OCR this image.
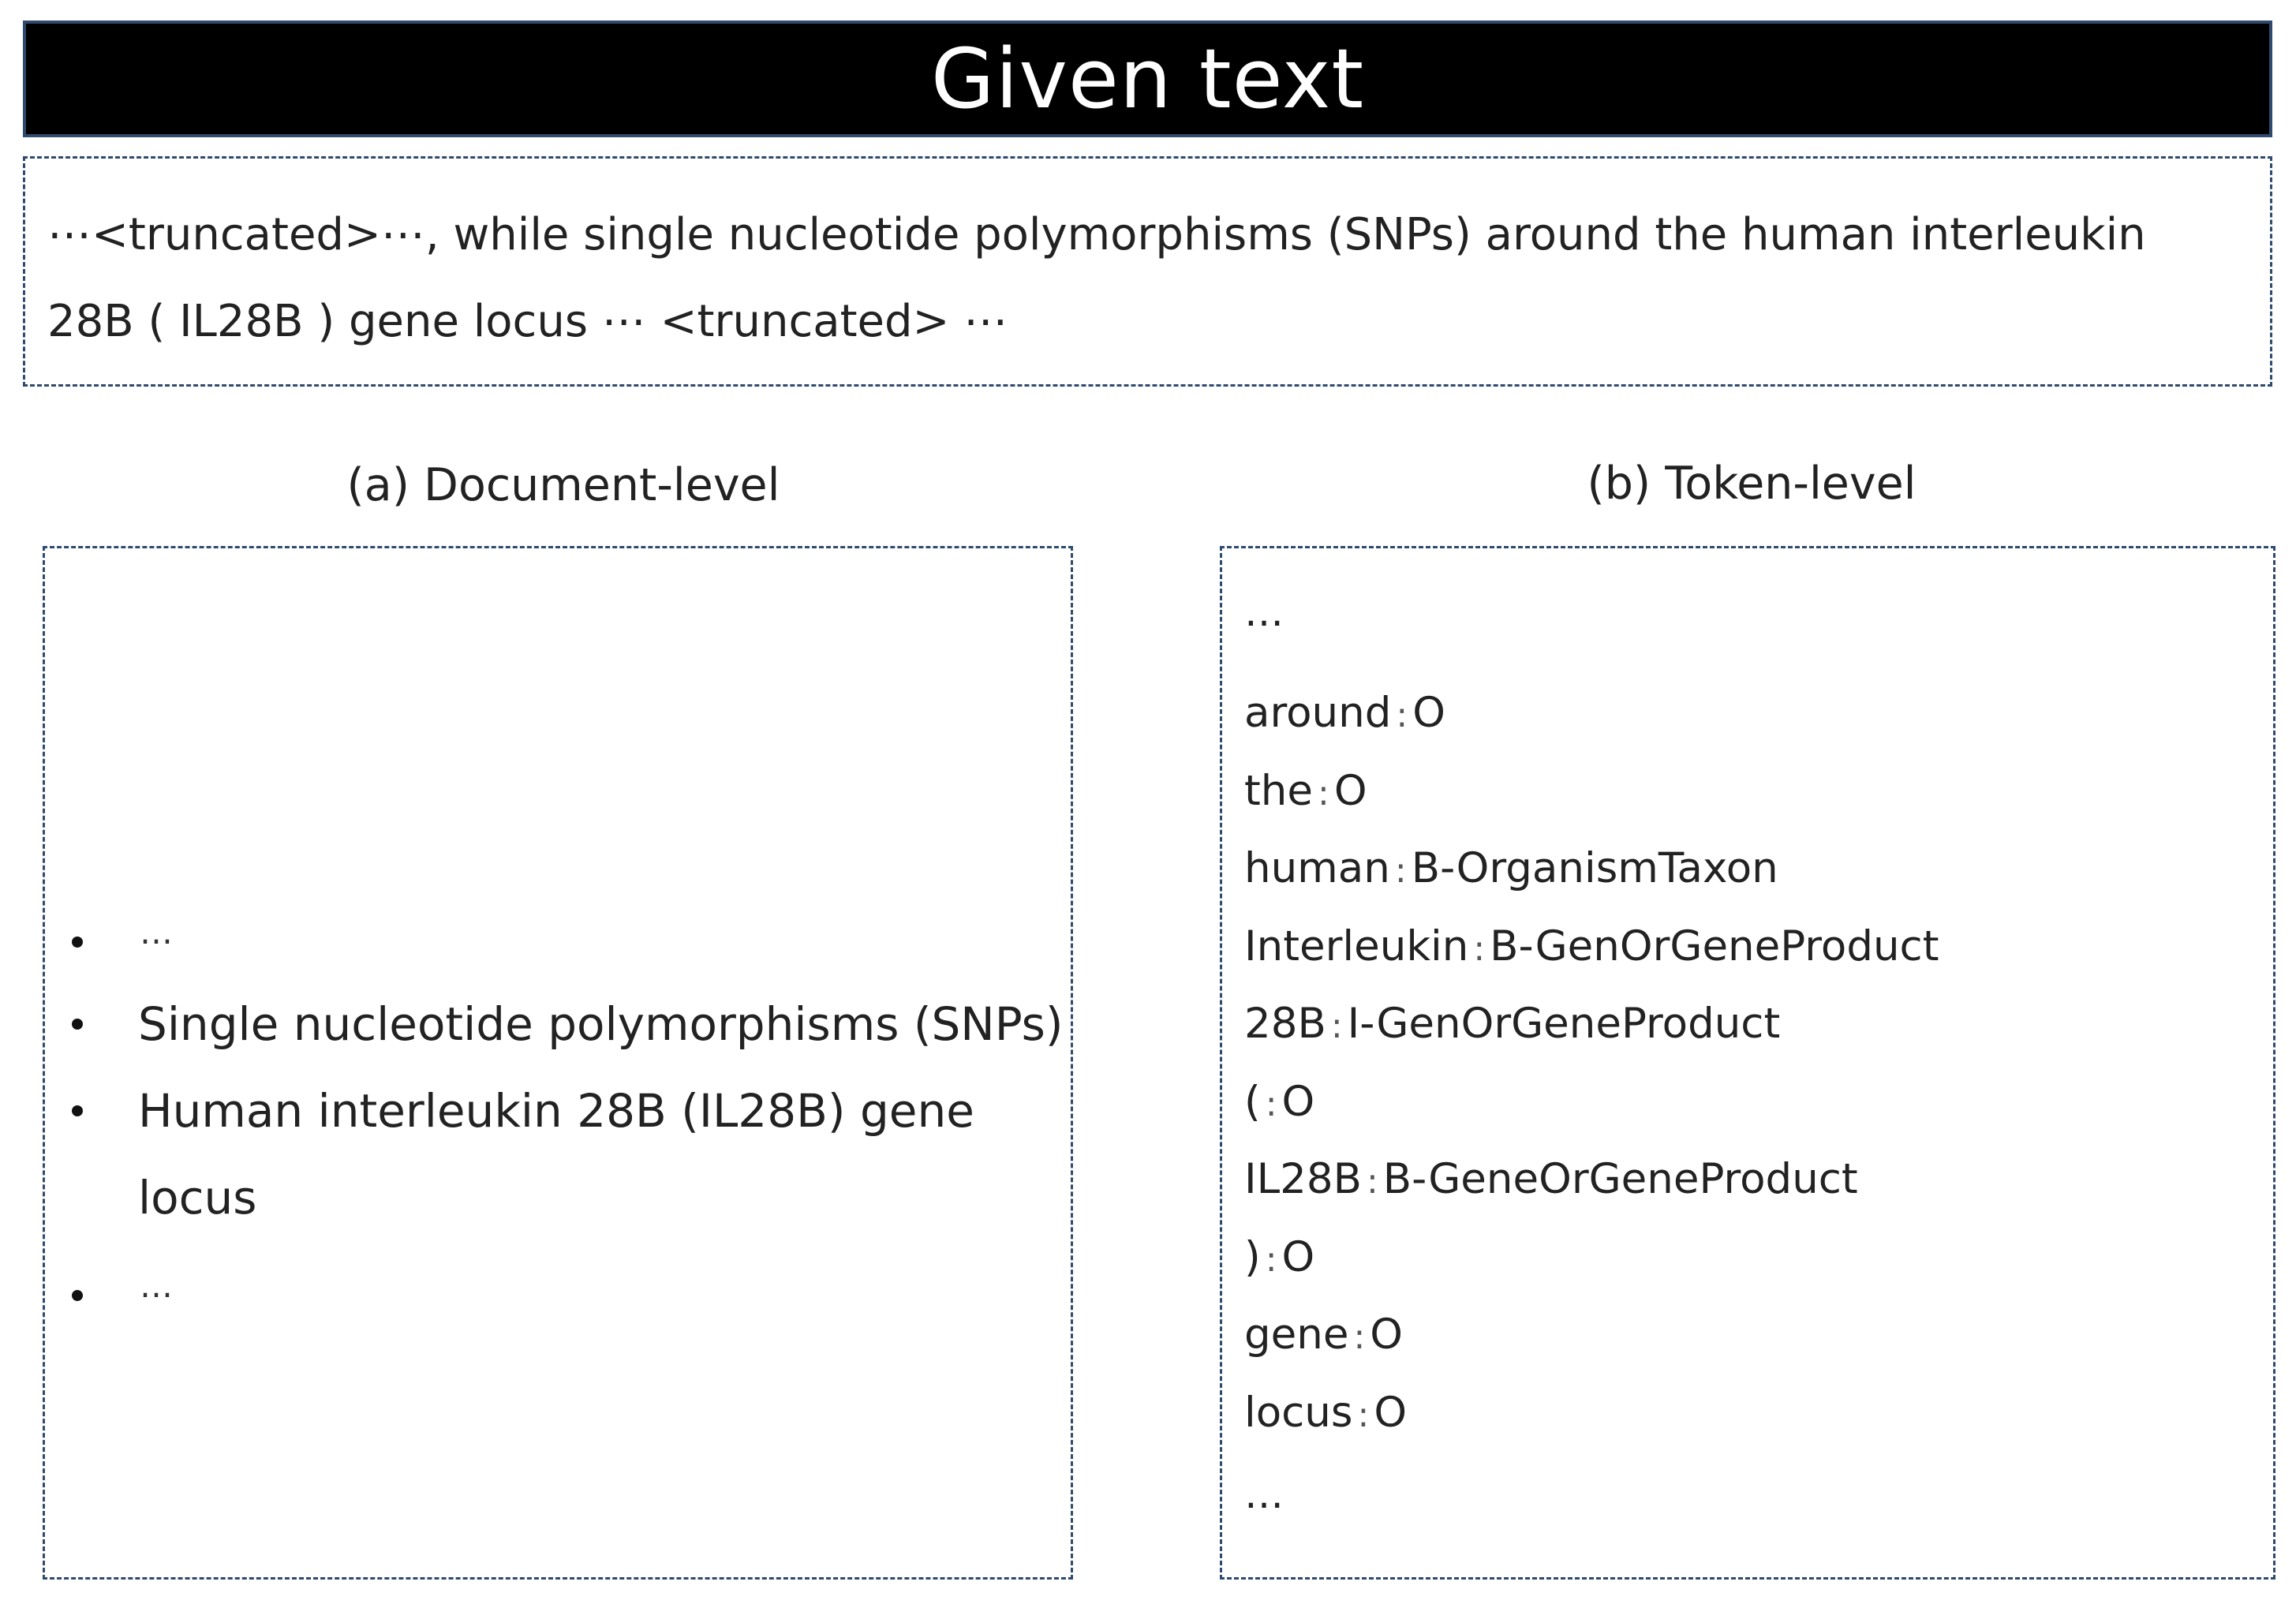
Given text

⋯<truncated>⋯, while single nucleotide polymorphisms (SNPs) around the human interleukin

28B ( IL28B ) gene locus ⋯ <truncated> ⋯

(a) Document-level	(b) Token-level
…
Single nucleotide polymorphisms (SNPs)
Human interleukin 28B (IL28B) gene
locus
…
…
around : O
the : O
human : B-OrganismTaxon
Interleukin : B-GenOrGeneProduct
28B : I-GenOrGeneProduct
( : O
IL28B : B-GeneOrGeneProduct
) : O
gene : O
locus : O
…
